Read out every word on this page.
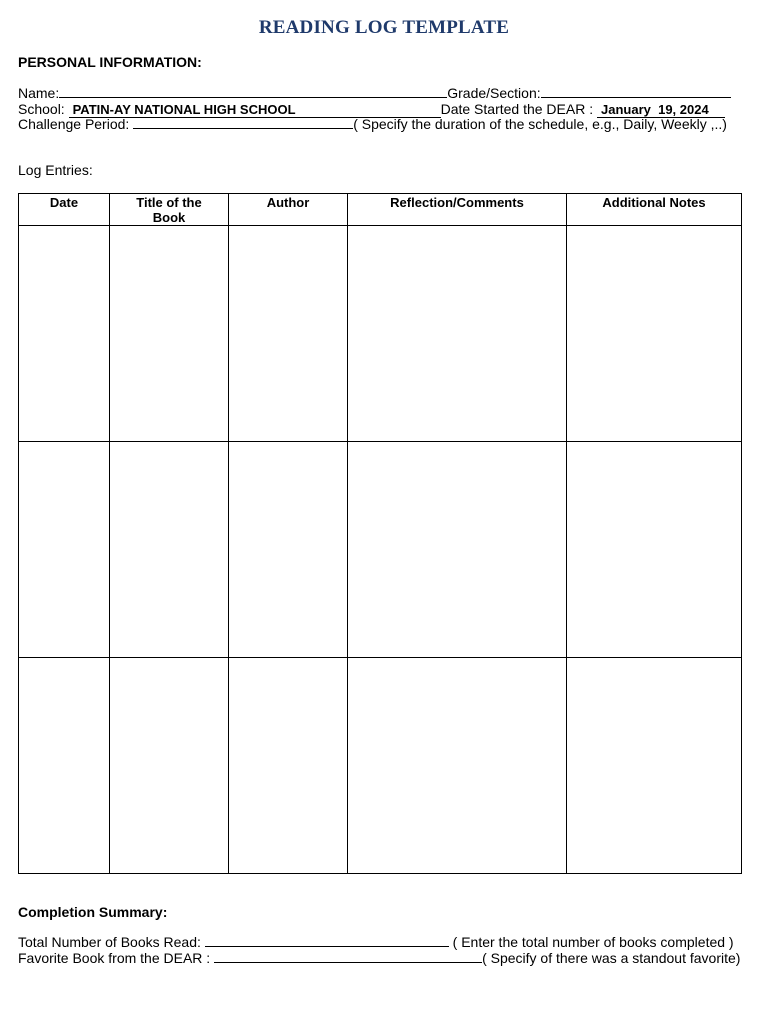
READING LOG TEMPLATE
PERSONAL INFORMATION:
Name:	Grade/Section:
School: PATIN-AY NATIONAL HIGH SCHOOL	Date Started the DEAR : January  19, 2024
Challenge Period:	( Specify the duration of the schedule, e.g., Daily, Weekly ,..)
Log Entries:
Date	Title of the Book	Author	Reflection/Comments	Additional Notes

Completion Summary:
Total Number of Books Read:	( Enter the total number of books completed )
Favorite Book from the DEAR :	( Specify of there was a standout favorite)
